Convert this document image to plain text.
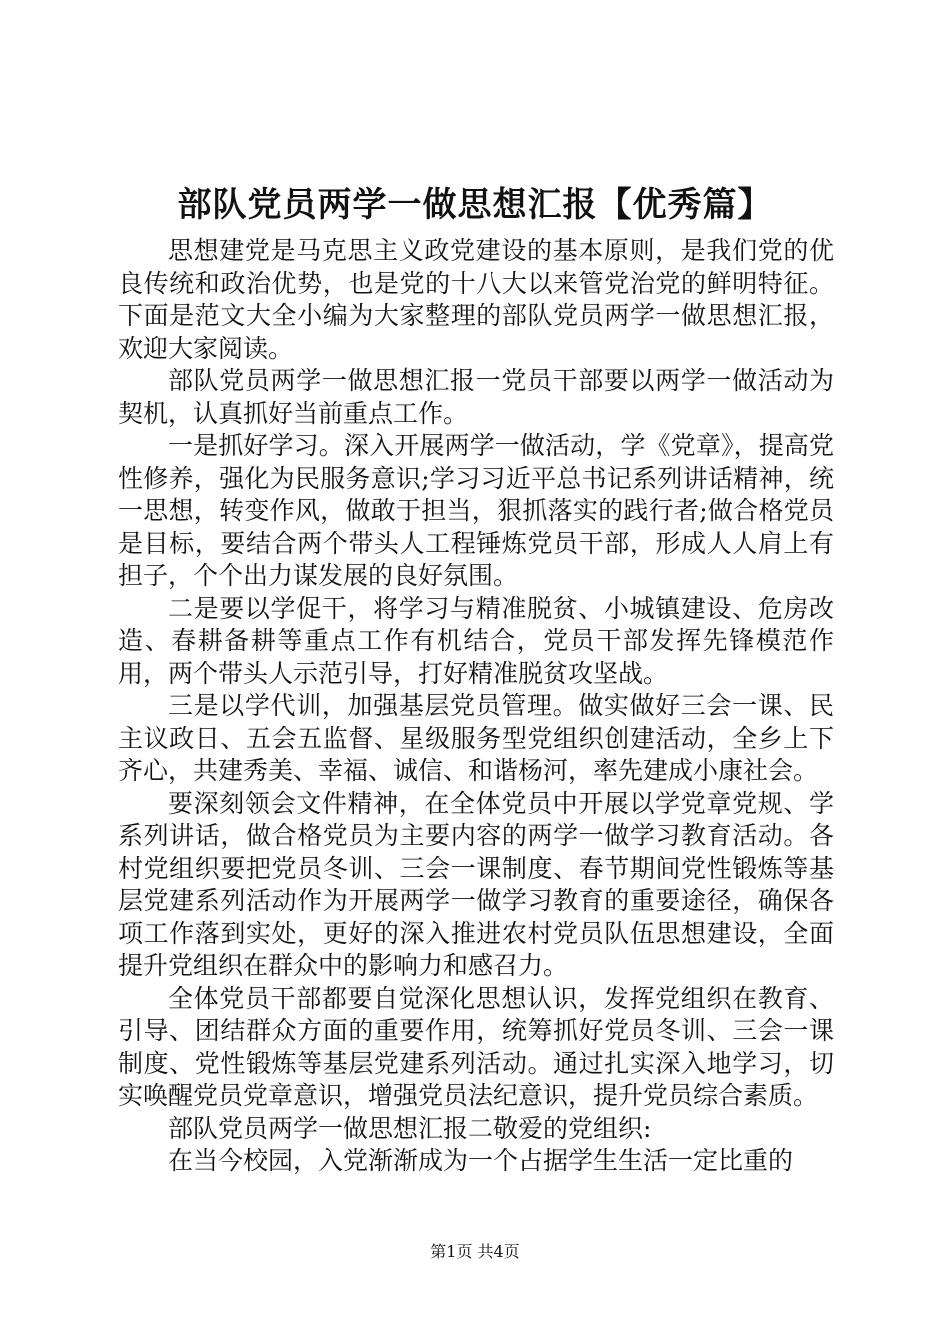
部队党员两学一做思想汇报【优秀篇】

思想建党是马克思主义政党建设的基本原则，是我们党的优良传统和政治优势，也是党的十八大以来管党治党的鲜明特征。下面是范文大全小编为大家整理的部队党员两学一做思想汇报，欢迎大家阅读。

部队党员两学一做思想汇报一党员干部要以两学一做活动为契机，认真抓好当前重点工作。

一是抓好学习。深入开展两学一做活动，学《党章》，提高党性修养，强化为民服务意识;学习习近平总书记系列讲话精神，统一思想，转变作风，做敢于担当，狠抓落实的践行者;做合格党员是目标，要结合两个带头人工程锤炼党员干部，形成人人肩上有担子，个个出力谋发展的良好氛围。

二是要以学促干，将学习与精准脱贫、小城镇建设、危房改造、春耕备耕等重点工作有机结合，党员干部发挥先锋模范作用，两个带头人示范引导，打好精准脱贫攻坚战。

三是以学代训，加强基层党员管理。做实做好三会一课、民主议政日、五会五监督、星级服务型党组织创建活动，全乡上下齐心，共建秀美、幸福、诚信、和谐杨河，率先建成小康社会。

要深刻领会文件精神，在全体党员中开展以学党章党规、学系列讲话，做合格党员为主要内容的两学一做学习教育活动。各村党组织要把党员冬训、三会一课制度、春节期间党性锻炼等基层党建系列活动作为开展两学一做学习教育的重要途径，确保各项工作落到实处，更好的深入推进农村党员队伍思想建设，全面提升党组织在群众中的影响力和感召力。

全体党员干部都要自觉深化思想认识，发挥党组织在教育、引导、团结群众方面的重要作用，统筹抓好党员冬训、三会一课制度、党性锻炼等基层党建系列活动。通过扎实深入地学习，切实唤醒党员党章意识，增强党员法纪意识，提升党员综合素质。

部队党员两学一做思想汇报二敬爱的党组织:

在当今校园，入党渐渐成为一个占据学生生活一定比重的

第1页 共4页
